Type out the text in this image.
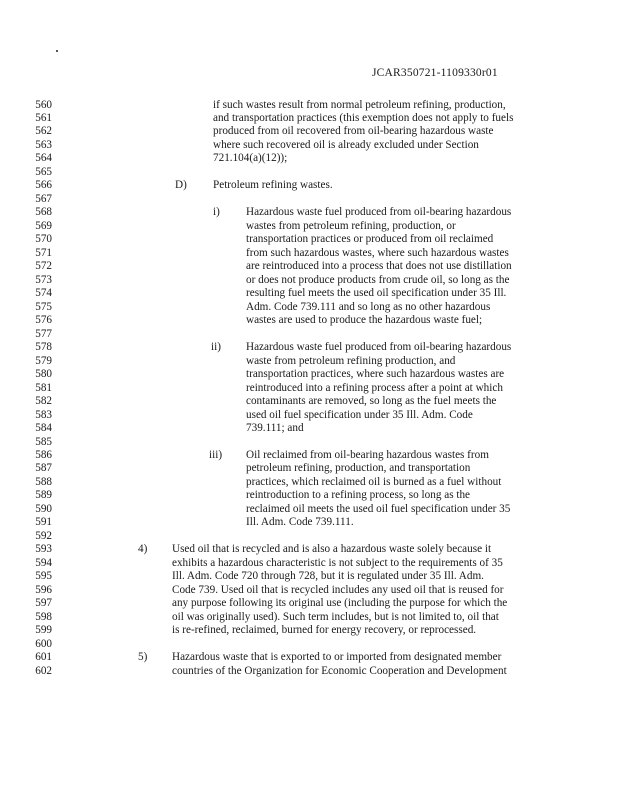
JCAR350721-1109330r01
560	if such wastes result from normal petroleum refining, production,
561	and transportation practices (this exemption does not apply to fuels
562	produced from oil recovered from oil-bearing hazardous waste
563	where such recovered oil is already excluded under Section
564	721.104(a)(12));
565
566	D) Petroleum refining wastes.
567
568	i) Hazardous waste fuel produced from oil-bearing hazardous
569	wastes from petroleum refining, production, or
570	transportation practices or produced from oil reclaimed
571	from such hazardous wastes, where such hazardous wastes
572	are reintroduced into a process that does not use distillation
573	or does not produce products from crude oil, so long as the
574	resulting fuel meets the used oil specification under 35 Ill.
575	Adm. Code 739.111 and so long as no other hazardous
576	wastes are used to produce the hazardous waste fuel;
577
578	ii) Hazardous waste fuel produced from oil-bearing hazardous
579	waste from petroleum refining production, and
580	transportation practices, where such hazardous wastes are
581	reintroduced into a refining process after a point at which
582	contaminants are removed, so long as the fuel meets the
583	used oil fuel specification under 35 Ill. Adm. Code
584	739.111; and
585
586	iii) Oil reclaimed from oil-bearing hazardous wastes from
587	petroleum refining, production, and transportation
588	practices, which reclaimed oil is burned as a fuel without
589	reintroduction to a refining process, so long as the
590	reclaimed oil meets the used oil fuel specification under 35
591	Ill. Adm. Code 739.111.
592
593	4) Used oil that is recycled and is also a hazardous waste solely because it
594	exhibits a hazardous characteristic is not subject to the requirements of 35
595	Ill. Adm. Code 720 through 728, but it is regulated under 35 Ill. Adm.
596	Code 739. Used oil that is recycled includes any used oil that is reused for
597	any purpose following its original use (including the purpose for which the
598	oil was originally used). Such term includes, but is not limited to, oil that
599	is re-refined, reclaimed, burned for energy recovery, or reprocessed.
600
601	5) Hazardous waste that is exported to or imported from designated member
602	countries of the Organization for Economic Cooperation and Development
